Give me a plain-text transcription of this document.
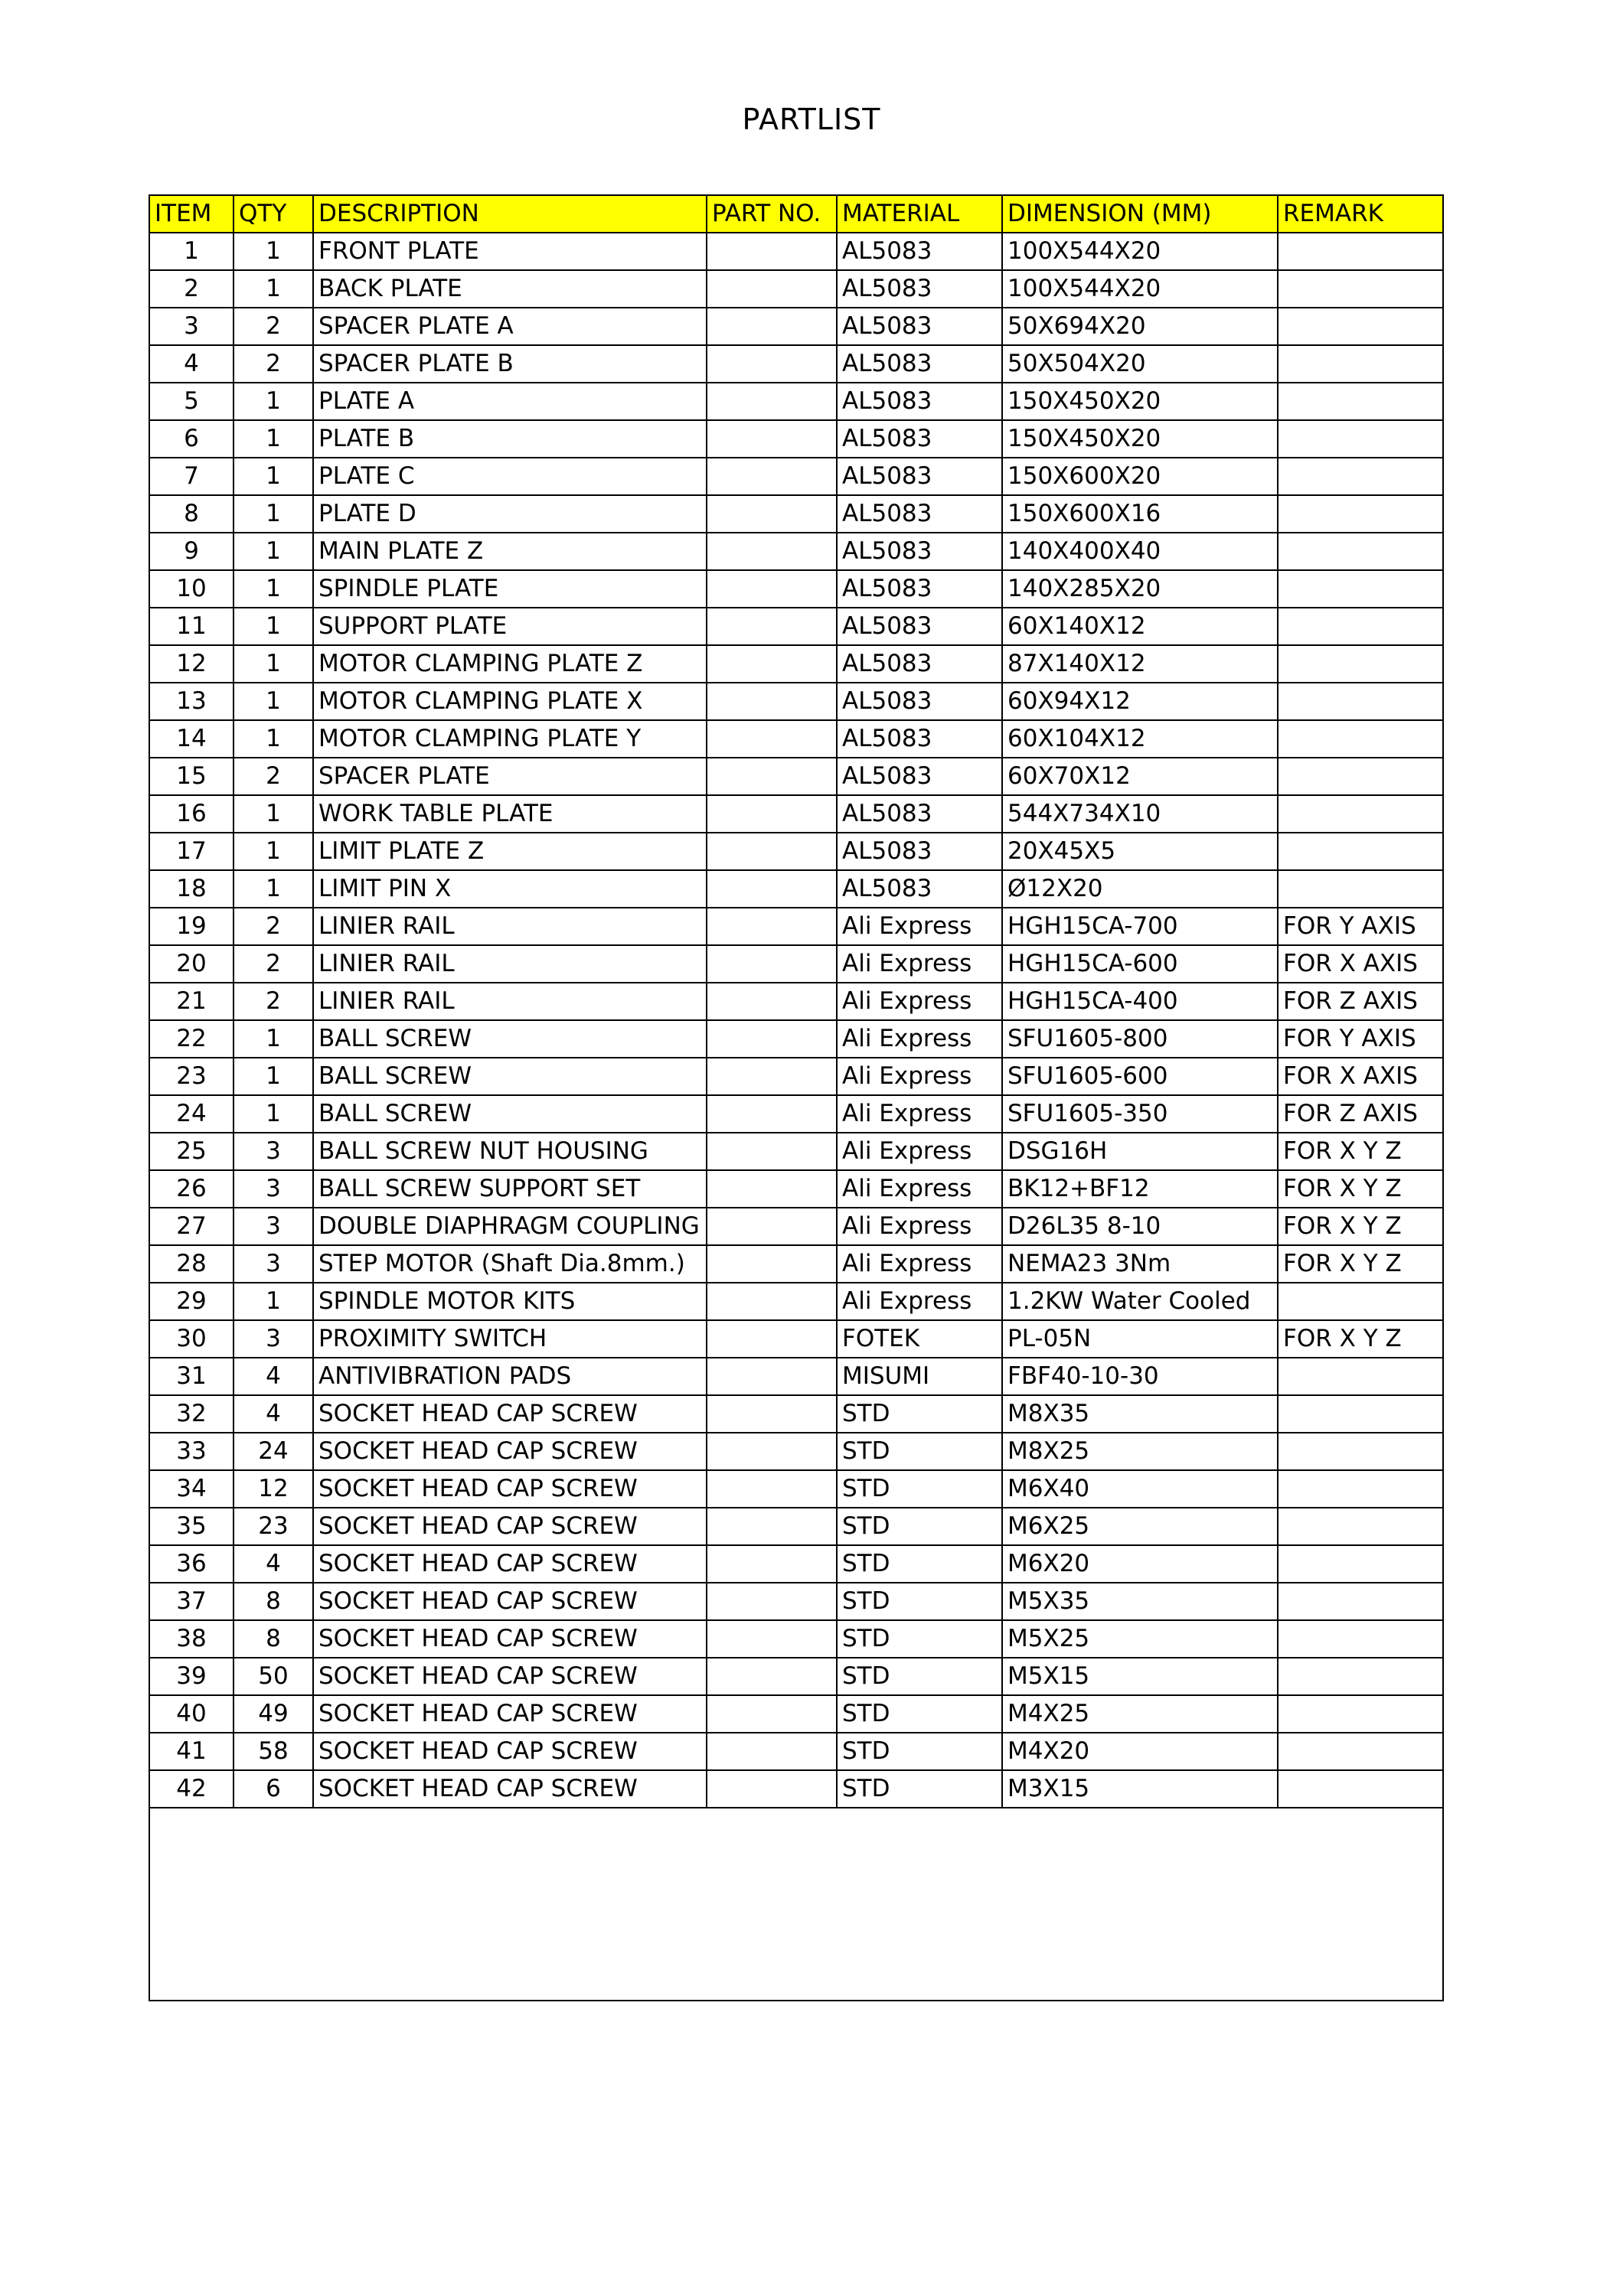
PARTLIST
ITEM	QTY	DESCRIPTION	PART NO.	MATERIAL	DIMENSION (MM)	REMARK
1	1	FRONT PLATE		AL5083	100X544X20	
2	1	BACK PLATE		AL5083	100X544X20	
3	2	SPACER PLATE A		AL5083	50X694X20	
4	2	SPACER PLATE B		AL5083	50X504X20	
5	1	PLATE A		AL5083	150X450X20	
6	1	PLATE B		AL5083	150X450X20	
7	1	PLATE C		AL5083	150X600X20	
8	1	PLATE D		AL5083	150X600X16	
9	1	MAIN PLATE Z		AL5083	140X400X40	
10	1	SPINDLE PLATE		AL5083	140X285X20	
11	1	SUPPORT PLATE		AL5083	60X140X12	
12	1	MOTOR CLAMPING PLATE Z		AL5083	87X140X12	
13	1	MOTOR CLAMPING PLATE X		AL5083	60X94X12	
14	1	MOTOR CLAMPING PLATE Y		AL5083	60X104X12	
15	2	SPACER PLATE		AL5083	60X70X12	
16	1	WORK TABLE PLATE		AL5083	544X734X10	
17	1	LIMIT PLATE Z		AL5083	20X45X5	
18	1	LIMIT PIN X		AL5083	Ø12X20	
19	2	LINIER RAIL		Ali Express	HGH15CA-700	FOR Y AXIS
20	2	LINIER RAIL		Ali Express	HGH15CA-600	FOR X AXIS
21	2	LINIER RAIL		Ali Express	HGH15CA-400	FOR Z AXIS
22	1	BALL SCREW		Ali Express	SFU1605-800	FOR Y AXIS
23	1	BALL SCREW		Ali Express	SFU1605-600	FOR X AXIS
24	1	BALL SCREW		Ali Express	SFU1605-350	FOR Z AXIS
25	3	BALL SCREW NUT HOUSING		Ali Express	DSG16H	FOR X Y Z
26	3	BALL SCREW SUPPORT SET		Ali Express	BK12+BF12	FOR X Y Z
27	3	DOUBLE DIAPHRAGM COUPLING		Ali Express	D26L35 8-10	FOR X Y Z
28	3	STEP MOTOR (Shaft Dia.8mm.)		Ali Express	NEMA23 3Nm	FOR X Y Z
29	1	SPINDLE MOTOR KITS		Ali Express	1.2KW Water Cooled	
30	3	PROXIMITY SWITCH		FOTEK	PL-05N	FOR X Y Z
31	4	ANTIVIBRATION PADS		MISUMI	FBF40-10-30	
32	4	SOCKET HEAD CAP SCREW		STD	M8X35	
33	24	SOCKET HEAD CAP SCREW		STD	M8X25	
34	12	SOCKET HEAD CAP SCREW		STD	M6X40	
35	23	SOCKET HEAD CAP SCREW		STD	M6X25	
36	4	SOCKET HEAD CAP SCREW		STD	M6X20	
37	8	SOCKET HEAD CAP SCREW		STD	M5X35	
38	8	SOCKET HEAD CAP SCREW		STD	M5X25	
39	50	SOCKET HEAD CAP SCREW		STD	M5X15	
40	49	SOCKET HEAD CAP SCREW		STD	M4X25	
41	58	SOCKET HEAD CAP SCREW		STD	M4X20	
42	6	SOCKET HEAD CAP SCREW		STD	M3X15	
